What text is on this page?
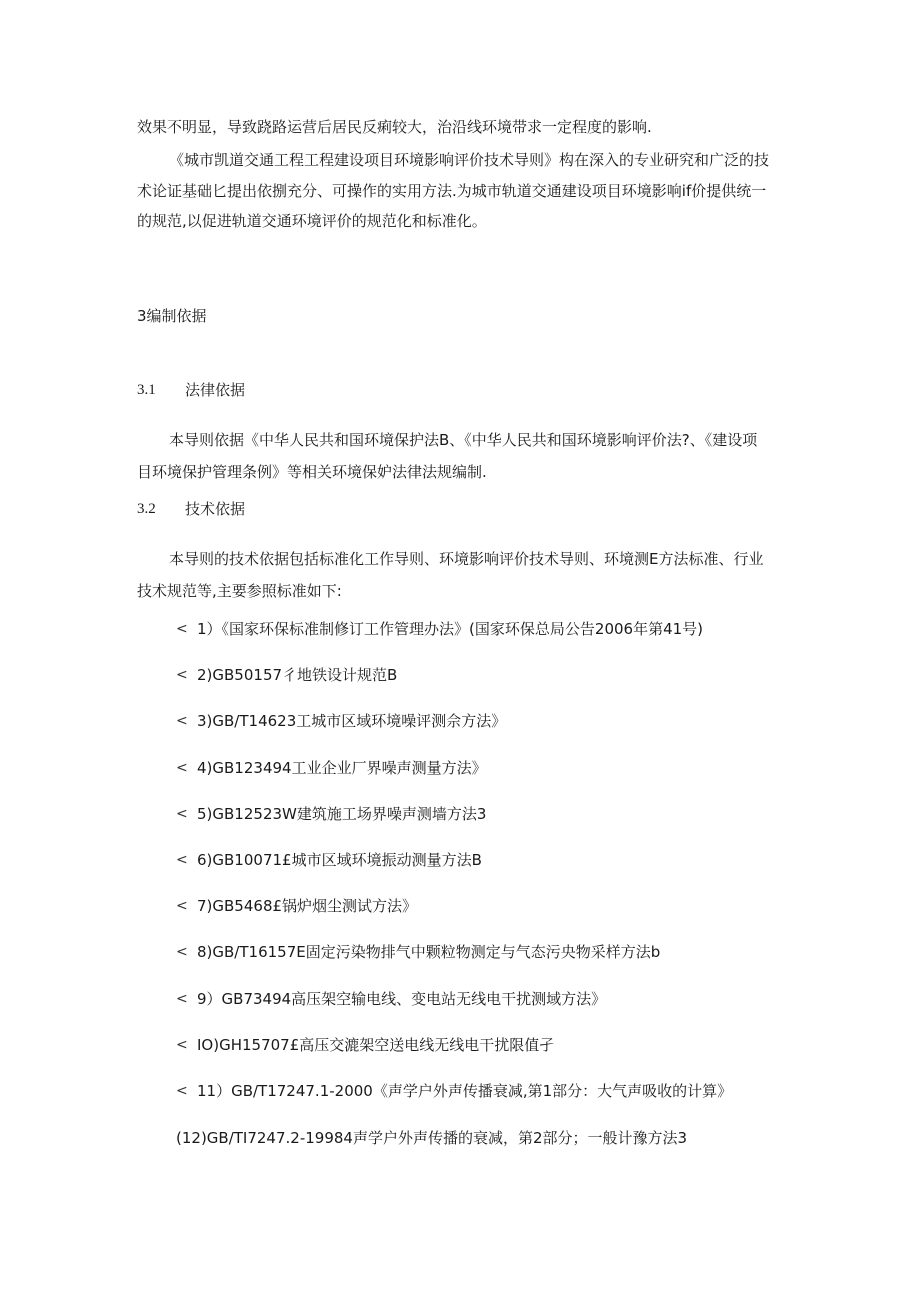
效果不明显，导致跷路运营后居民反痢较大，治沿线环境带求一定程度的影响.
《城市凯道交通工程工程建设项目环境影响评价技术导则》构在深入的专业研究和广泛的技
术论证基础匕提出依捌充分、可操作的实用方法.为城市轨道交通建设项目环境影响if价提供统一
的规范,以促进轨道交通环境评价的规范化和标准化。
3编制依据
3.1 法律依据
本导则依据《中华人民共和国环境保护法B、《中华人民共和国环境影响评价法?、《建设项
目环境保护管理条例》等相关环境保妒法律法规编制.
3.2 技术依据
本导则的技术依据包括标准化工作导则、环境影响评价技术导则、环境测E方法标准、行业
技术规范等,主要参照标准如下:
< 1）《国家环保标准制修订工作管理办法》(国家环保总局公告2006年第41号)
< 2)GB50157彳地铁设计规范B
< 3)GB/T14623工城市区域环境噪评测佘方法》
< 4)GB123494工业企业厂界噪声测量方法》
< 5)GB12523W建筑施工场界噪声测墙方法3
< 6)GB10071£城市区域环境振动测量方法B
< 7)GB5468£锅炉烟尘测试方法》
< 8)GB/T16157E固定污染物排气中颗粒物测定与气态污央物采样方法b
< 9）GB73494高压架空输电线、变电站无线电干扰测域方法》
< IO)GH15707£高压交漉架空送电线无线电干扰限值孑
< 11）GB/T17247.1-2000《声学户外声传播衰减,第1部分：大气声吸收的计算》
(12)GB/TI7247.2-19984声学户外声传播的衰减，第2部分；一般计豫方法3
